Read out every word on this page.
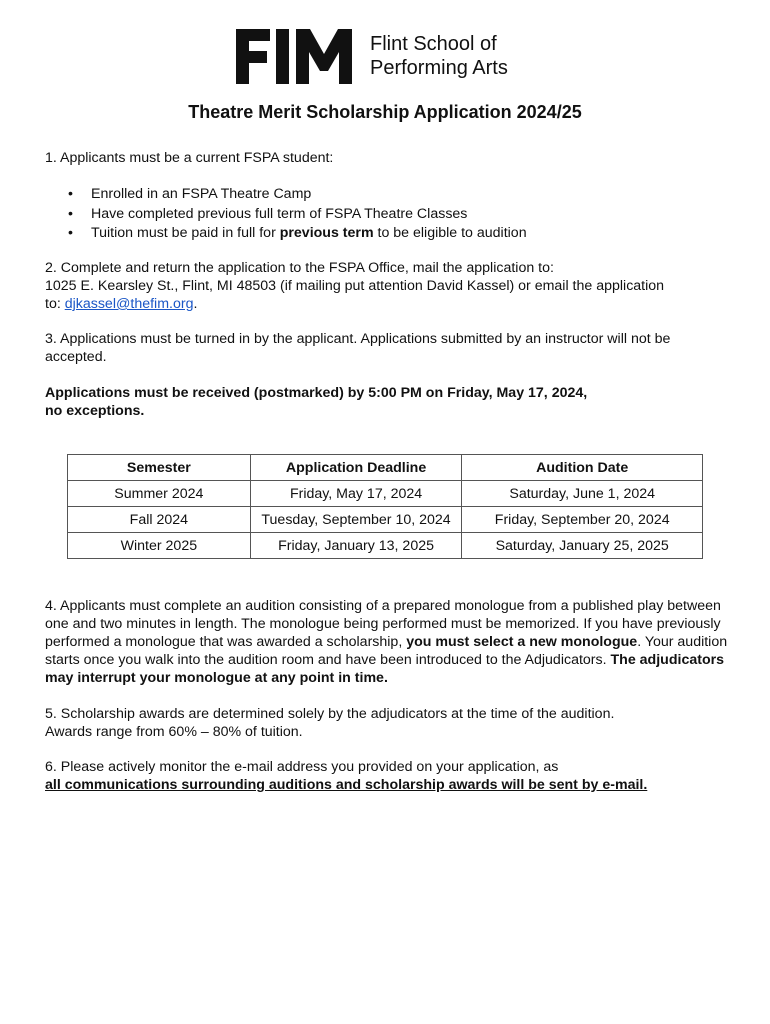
Flint School of
Performing Arts
Theatre Merit Scholarship Application 2024/25
1. Applicants must be a current FSPA student:
• Enrolled in an FSPA Theatre Camp
• Have completed previous full term of FSPA Theatre Classes
• Tuition must be paid in full for previous term to be eligible to audition
2. Complete and return the application to the FSPA Office, mail the application to:
1025 E. Kearsley St., Flint, MI 48503 (if mailing put attention David Kassel) or email the application
to: djkassel@thefim.org.
3. Applications must be turned in by the applicant. Applications submitted by an instructor will not be accepted.
Applications must be received (postmarked) by 5:00 PM on Friday, May 17, 2024,
no exceptions.
Semester	Application Deadline	Audition Date
Summer 2024	Friday, May 17, 2024	Saturday, June 1, 2024
Fall 2024	Tuesday, September 10, 2024	Friday, September 20, 2024
Winter 2025	Friday, January 13, 2025	Saturday, January 25, 2025
4. Applicants must complete an audition consisting of a prepared monologue from a published play between one and two minutes in length. The monologue being performed must be memorized. If you have previously performed a monologue that was awarded a scholarship, you must select a new monologue. Your audition starts once you walk into the audition room and have been introduced to the Adjudicators. The adjudicators may interrupt your monologue at any point in time.
5. Scholarship awards are determined solely by the adjudicators at the time of the audition.
Awards range from 60% – 80% of tuition.
6. Please actively monitor the e-mail address you provided on your application, as
all communications surrounding auditions and scholarship awards will be sent by e-mail.
